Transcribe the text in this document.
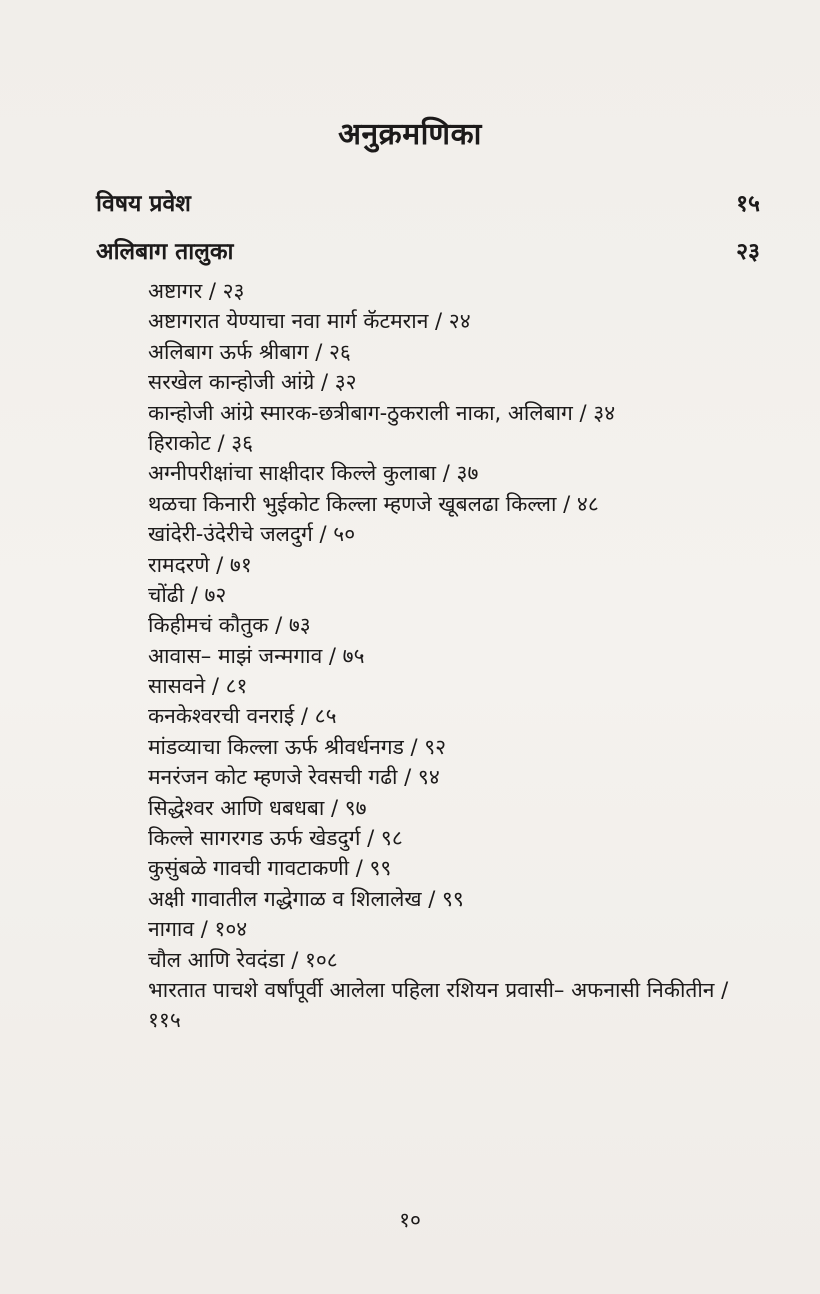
अनुक्रमणिका
विषय प्रवेश	१५
अलिबाग तालुका	२३
अष्टागर / २३
अष्टागरात येण्याचा नवा मार्ग कॅटमरान / २४
अलिबाग ऊर्फ श्रीबाग / २६
सरखेल कान्होजी आंग्रे / ३२
कान्होजी आंग्रे स्मारक-छत्रीबाग-ठुकराली नाका, अलिबाग / ३४
हिराकोट / ३६
अग्नीपरीक्षांचा साक्षीदार किल्ले कुलाबा / ३७
थळचा किनारी भुईकोट किल्ला म्हणजे खूबलढा किल्ला / ४८
खांदेरी-उंदेरीचे जलदुर्ग / ५०
रामदरणे / ७१
चोंढी / ७२
किहीमचं कौतुक / ७३
आवास– माझं जन्मगाव / ७५
सासवने / ८१
कनकेश्वरची वनराई / ८५
मांडव्याचा किल्ला ऊर्फ श्रीवर्धनगड / ९२
मनरंजन कोट म्हणजे रेवसची गढी / ९४
सिद्धेश्वर आणि धबधबा / ९७
किल्ले सागरगड ऊर्फ खेडदुर्ग / ९८
कुसुंबळे गावची गावटाकणी / ९९
अक्षी गावातील गद्धेगाळ व शिलालेख / ९९
नागाव / १०४
चौल आणि रेवदंडा / १०८
भारतात पाचशे वर्षांपूर्वी आलेला पहिला रशियन प्रवासी– अफनासी निकीतीन / ११५
१०
